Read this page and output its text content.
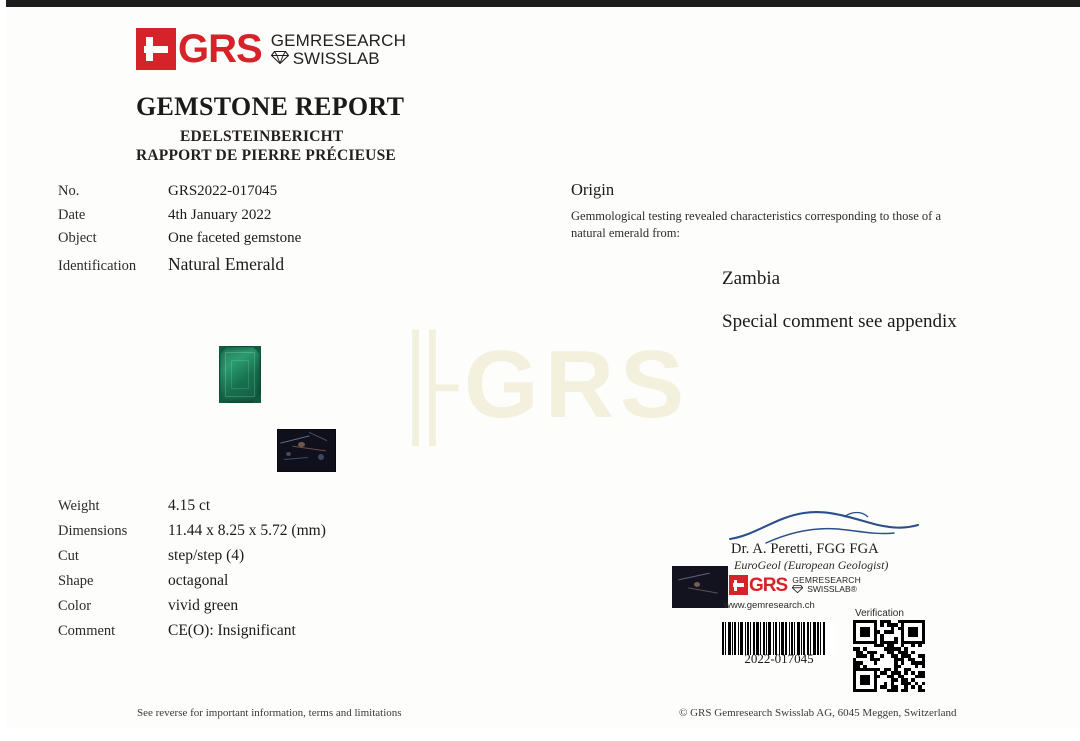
╟GRS
GRS GEMRESEARCH
SWISSLAB
GEMSTONE REPORT
EDELSTEINBERICHT
RAPPORT DE PIERRE PRÉCIEUSE
No.	GRS2022-017045
Date	4th January 2022
Object	One faceted gemstone
Identification	Natural Emerald
Origin
Gemmological testing revealed characteristics corresponding to those of a natural emerald from:
Zambia
Special comment see appendix
Weight	4.15 ct
Dimensions	11.44 x 8.25 x 5.72 (mm)
Cut	step/step (4)
Shape	octagonal
Color	vivid green
Comment	CE(O): Insignificant
Dr. A. Peretti, FGG FGA
EuroGeol (European Geologist)
GRS GEMRESEARCH
SWISSLAB®
www.gemresearch.ch
Verification
2022-017045
See reverse for important information, terms and limitations	© GRS Gemresearch Swisslab AG, 6045 Meggen, Switzerland
